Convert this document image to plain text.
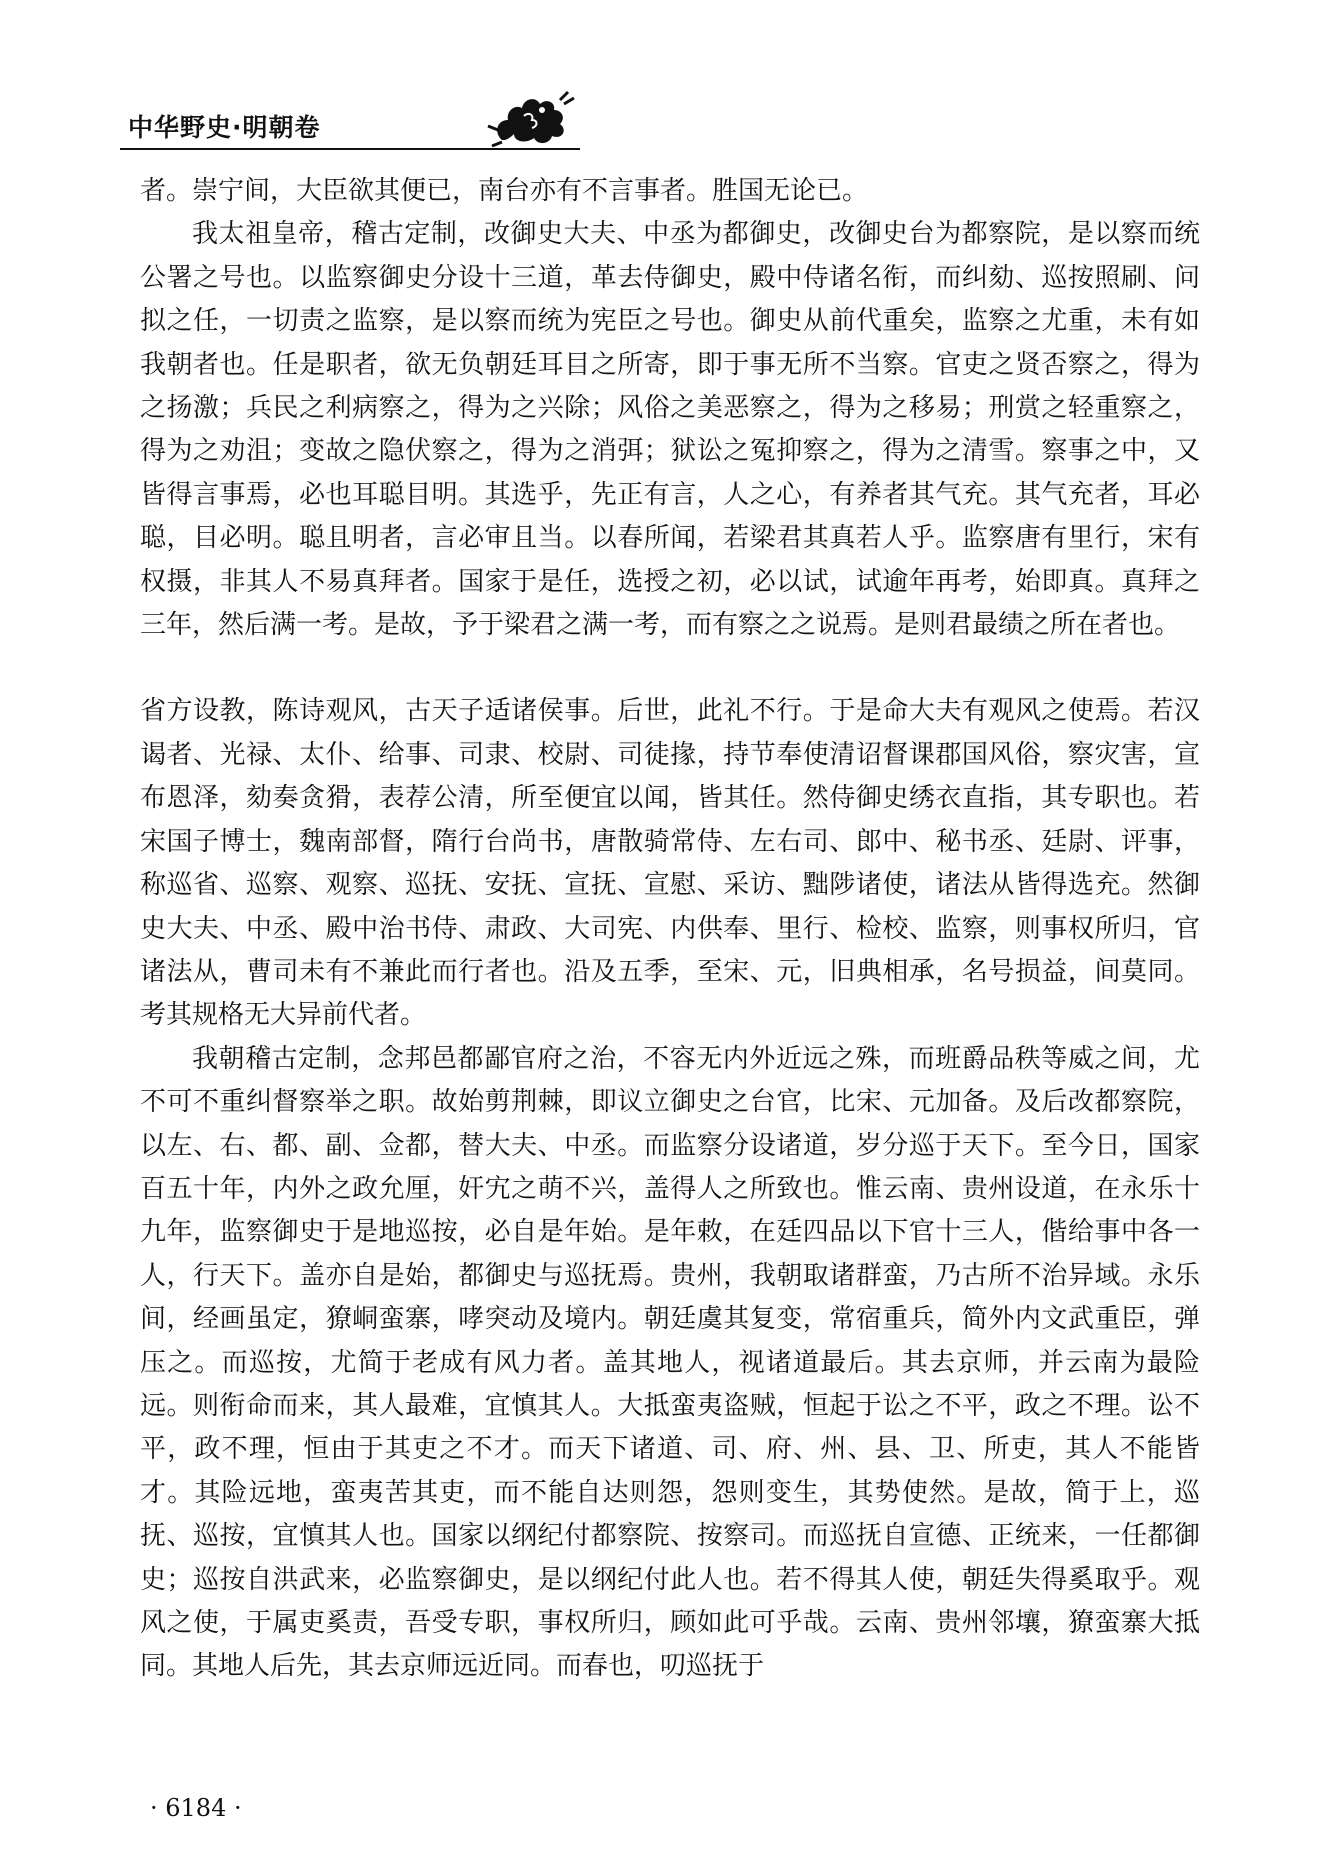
中华野史·明朝卷

者。崇宁间，大臣欲其便已，南台亦有不言事者。胜国无论已。

我太祖皇帝，稽古定制，改御史大夫、中丞为都御史，改御史台为都察院，是以察而统公署之号也。以监察御史分设十三道，革去侍御史，殿中侍诸名衔，而纠劾、巡按照刷、问拟之任，一切责之监察，是以察而统为宪臣之号也。御史从前代重矣，监察之尤重，未有如我朝者也。任是职者，欲无负朝廷耳目之所寄，即于事无所不当察。官吏之贤否察之，得为之扬激；兵民之利病察之，得为之兴除；风俗之美恶察之，得为之移易；刑赏之轻重察之，得为之劝沮；变故之隐伏察之，得为之消弭；狱讼之冤抑察之，得为之清雪。察事之中，又皆得言事焉，必也耳聪目明。其选乎，先正有言，人之心，有养者其气充。其气充者，耳必聪，目必明。聪且明者，言必审且当。以春所闻，若梁君其真若人乎。监察唐有里行，宋有权摄，非其人不易真拜者。国家于是任，选授之初，必以试，试逾年再考，始即真。真拜之三年，然后满一考。是故，予于梁君之满一考，而有察之之说焉。是则君最绩之所在者也。

省方设教，陈诗观风，古天子适诸侯事。后世，此礼不行。于是命大夫有观风之使焉。若汉谒者、光禄、太仆、给事、司隶、校尉、司徒掾，持节奉使清诏督课郡国风俗，察灾害，宣布恩泽，劾奏贪猾，表荐公清，所至便宜以闻，皆其任。然侍御史绣衣直指，其专职也。若宋国子博士，魏南部督，隋行台尚书，唐散骑常侍、左右司、郎中、秘书丞、廷尉、评事，称巡省、巡察、观察、巡抚、安抚、宣抚、宣慰、采访、黜陟诸使，诸法从皆得选充。然御史大夫、中丞、殿中治书侍、肃政、大司宪、内供奉、里行、检校、监察，则事权所归，官诸法从，曹司未有不兼此而行者也。沿及五季，至宋、元，旧典相承，名号损益，间莫同。考其规格无大异前代者。

我朝稽古定制，念邦邑都鄙官府之治，不容无内外近远之殊，而班爵品秩等威之间，尤不可不重纠督察举之职。故始剪荆棘，即议立御史之台官，比宋、元加备。及后改都察院，以左、右、都、副、佥都，替大夫、中丞。而监察分设诸道，岁分巡于天下。至今日，国家百五十年，内外之政允厘，奸宄之萌不兴，盖得人之所致也。惟云南、贵州设道，在永乐十九年，监察御史于是地巡按，必自是年始。是年敕，在廷四品以下官十三人，偕给事中各一人，行天下。盖亦自是始，都御史与巡抚焉。贵州，我朝取诸群蛮，乃古所不治异域。永乐间，经画虽定，獠峒蛮寨，哮突动及境内。朝廷虞其复变，常宿重兵，简外内文武重臣，弹压之。而巡按，尤简于老成有风力者。盖其地人，视诸道最后。其去京师，并云南为最险远。则衔命而来，其人最难，宜慎其人。大抵蛮夷盗贼，恒起于讼之不平，政之不理。讼不平，政不理，恒由于其吏之不才。而天下诸道、司、府、州、县、卫、所吏，其人不能皆才。其险远地，蛮夷苦其吏，而不能自达则怨，怨则变生，其势使然。是故，简于上，巡抚、巡按，宜慎其人也。国家以纲纪付都察院、按察司。而巡抚自宣德、正统来，一任都御史；巡按自洪武来，必监察御史，是以纲纪付此人也。若不得其人使，朝廷失得奚取乎。观风之使，于属吏奚责，吾受专职，事权所归，顾如此可乎哉。云南、贵州邻壤，獠蛮寨大抵同。其地人后先，其去京师远近同。而春也，叨巡抚于

· 6184 ·
